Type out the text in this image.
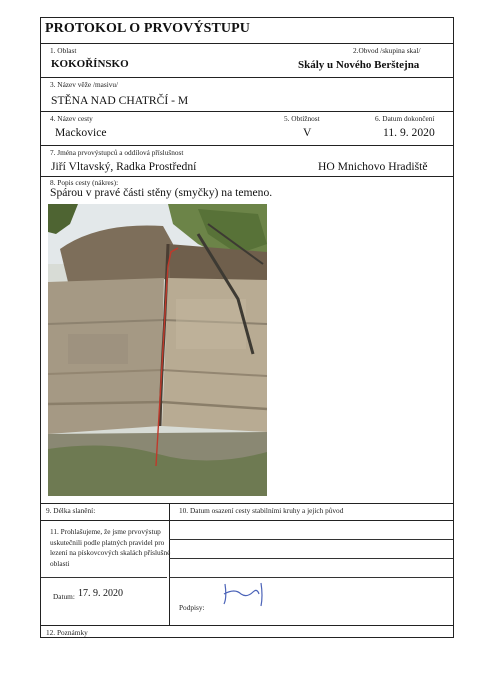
PROTOKOL O PRVOVÝSTUPU
1. Oblast	2.Obvod /skupina skal/
KOKOŘÍNSKO	Skály u Nového Berštejna
3. Název věže /masivu/
STĚNA NAD CHATRČÍ - M
4. Název cesty	5. Obtížnost	6. Datum dokončení
Mackovice	V	11. 9. 2020
7. Jména prvovýstupců a oddílová příslušnost
Jiří Vltavský, Radka Prostřední	HO Mnichovo Hradiště
8. Popis cesty (nákres):
Spárou v pravé části stěny (smyčky) na temeno.
9. Délka slanění:	10. Datum osazení cesty stabilními kruhy a jejich původ
11. Prohlašujeme, že jsme prvovýstup uskutečnili podle platných pravidel pro lezení na pískovcových skalách příslušné oblasti
Datum: 17. 9. 2020
Podpisy:
12. Poznámky
